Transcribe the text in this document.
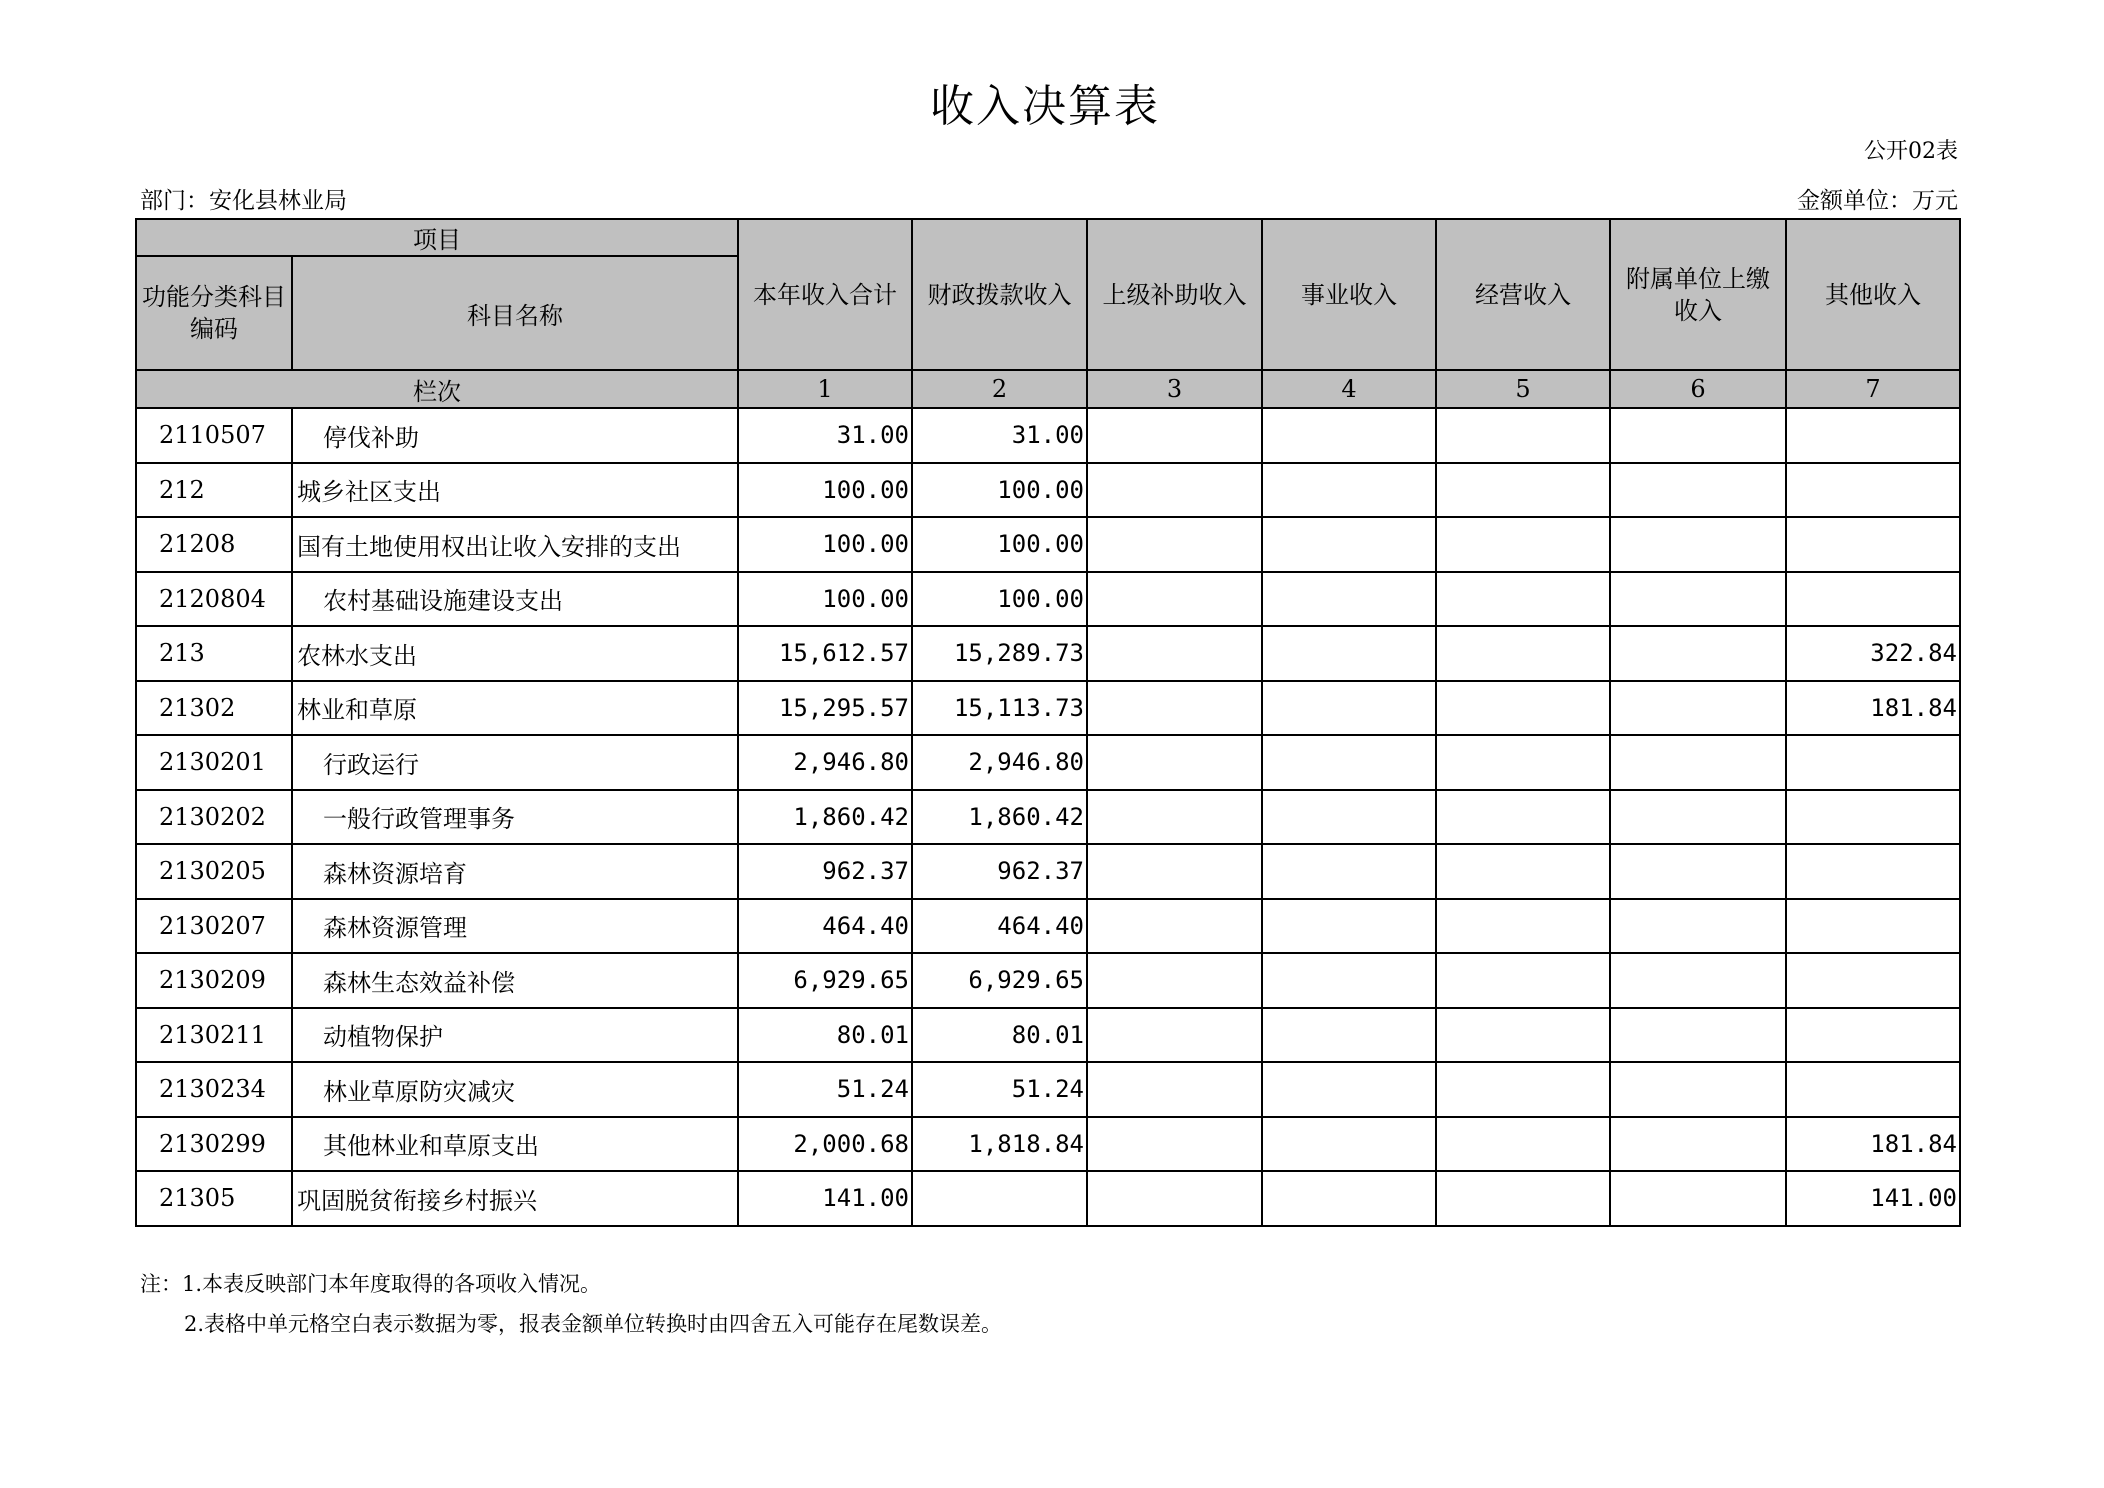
收入决算表
公开02表
部门：安化县林业局	金额单位：万元
项目		本年收入合计	财政拨款收入	上级补助收入	事业收入	经营收入	附属单位上缴收入	其他收入
功能分类科目编码	科目名称							
栏次		1	2	3	4	5	6	7
2110507	停伐补助	31.00	31.00					
212	城乡社区支出	100.00	100.00					
21208	国有土地使用权出让收入安排的支出	100.00	100.00					
2120804	农村基础设施建设支出	100.00	100.00					
213	农林水支出	15,612.57	15,289.73					322.84
21302	林业和草原	15,295.57	15,113.73					181.84
2130201	行政运行	2,946.80	2,946.80					
2130202	一般行政管理事务	1,860.42	1,860.42					
2130205	森林资源培育	962.37	962.37					
2130207	森林资源管理	464.40	464.40					
2130209	森林生态效益补偿	6,929.65	6,929.65					
2130211	动植物保护	80.01	80.01					
2130234	林业草原防灾减灾	51.24	51.24					
2130299	其他林业和草原支出	2,000.68	1,818.84					181.84
21305	巩固脱贫衔接乡村振兴	141.00						141.00
注：1.本表反映部门本年度取得的各项收入情况。
2.表格中单元格空白表示数据为零，报表金额单位转换时由四舍五入可能存在尾数误差。
